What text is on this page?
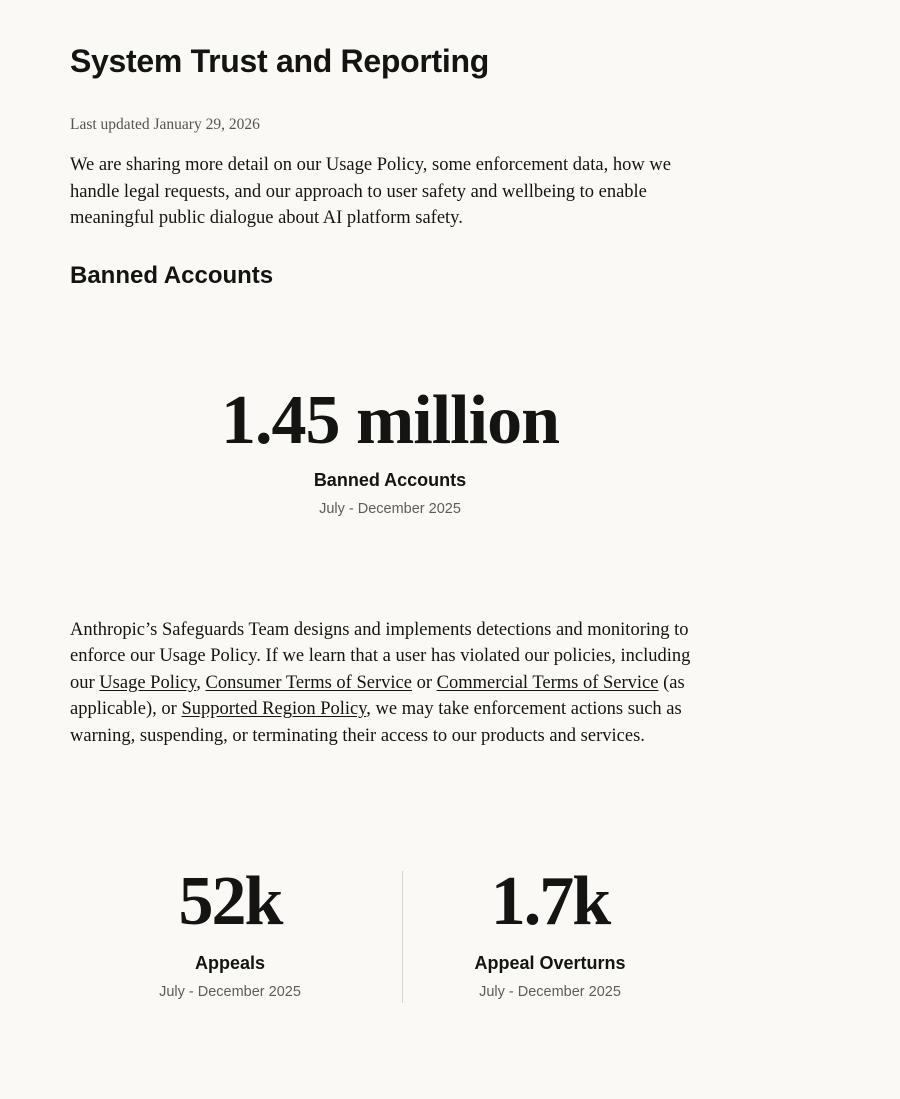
System Trust and Reporting
Last updated January 29, 2026

We are sharing more detail on our Usage Policy, some enforcement data, how we handle legal requests, and our approach to user safety and wellbeing to enable meaningful public dialogue about AI platform safety.

Banned Accounts
1.45 million
Banned Accounts
July - December 2025

Anthropic’s Safeguards Team designs and implements detections and monitoring to enforce our Usage Policy. If we learn that a user has violated our policies, including our Usage Policy, Consumer Terms of Service or Commercial Terms of Service (as applicable), or Supported Region Policy, we may take enforcement actions such as warning, suspending, or terminating their access to our products and services.

52k
Appeals
July - December 2025
1.7k
Appeal Overturns
July - December 2025
